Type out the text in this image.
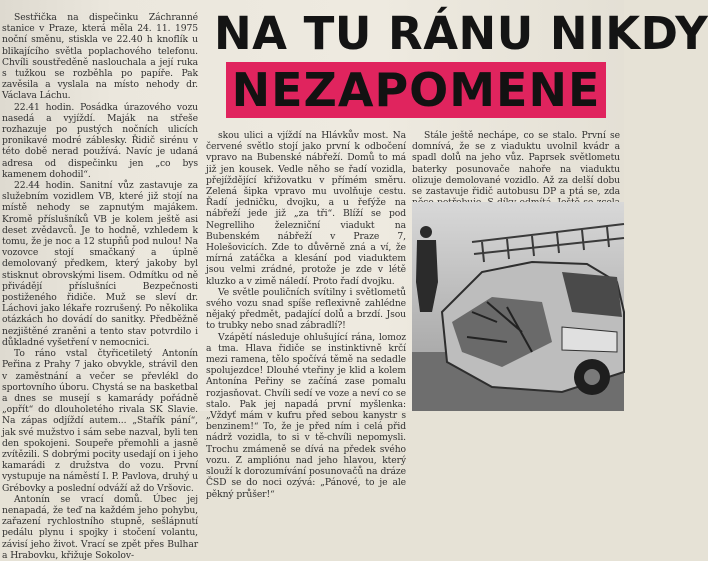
Sestřička na dispečinku Záchranné stanice v Praze, která měla 24. 11. 1975 noční směnu, stiskla ve 22.40 h knoflík u blikajícího světla poplachového telefonu. Chvíli soustředěně naslouchala a její ruka s tužkou se rozběhla po papíře. Pak zavěsila a vyslala na místo nehody dr. Václava Láchu.

22.41 hodin. Posádka úrazového vozu nasedá a vyjíždí. Maják na střeše rozhazuje po pustých nočních ulicích pronikavé modré záblesky. Řidič sirénu v této době nerad používá. Navíc je udaná adresa od dispečinku jen „co bys kamenem dohodil“.

22.44 hodin. Sanitní vůz zastavuje za služebním vozidlem VB, které již stojí na místě nehody se zapnutým majákem. Kromě příslušníků VB je kolem ještě asi deset zvědavců. Je to hodně, vzhledem k tomu, že je noc a 12 stupňů pod nulou! Na vozovce stojí smačkaný a úplně demolovaný předkem, který jakoby byl stisknut obrovskými lisem. Odmítku od ně přivádějí příslušníci Bezpečnosti postiženého řidiče. Muž se sleví dr. Láchovi jako lékaře rozrušený. Po několika otázkách ho dovádí do sanitky. Předběžně nezjištěné zraněni a tento stav potvrdilo i důkladné vyšetření v nemocnici.

To ráno vstal čtyřicetiletý Antonín Peřina z Prahy 7 jako obvykle, strávil den v zaměstnání a večer se převlékl do sportovního úboru. Chystá se na basketbal a dnes se musejí s kamarády pořádně „opřít“ do dlouholetého rivala SK Slavie. Na zápas odjíždí autem... „Stařík pání“, jak své mužstvo i sám sebe nazval, byli ten den spokojeni. Soupeře přemohli a jasně zvítězili. S dobrými pocity usedají on i jeho kamarádi z družstva do vozu. První vystupuje na náměstí I. P. Pavlova, druhý u Grébovky a poslední odváží až do Vršovic.

Antonín se vrací domů. Úbec jej nenapadá, že teď na každém jeho pohybu, zařazení rychlostního stupně, sešlápnutí pedálu plynu i spojky i stočení volantu, závisí jeho život. Vrací se zpět přes Bulhar a Hrabovku, křižuje Sokolov-

NA TU RÁNU NIKDY
NEZAPOMENE

skou ulici a vjíždí na Hlávkův most. Na červené světlo stojí jako první k odbočení vpravo na Bubenské nábřeží. Domů to má již jen kousek. Vedle něho se řadí vozidla, přejíždějící křižovatku v přímém směru. Zelená šipka vpravo mu uvolňuje cestu. Řadí jedničku, dvojku, a u řefýže na nábřeží jede již „za tři“. Blíží se pod Negrelliho železniční viadukt na Bubenském nábřeží v Praze 7, Holešovicích. Zde to důvěrně zná a ví, že mírná zatáčka a klesání pod viaduktem jsou velmi zrádné, protože je zde v létě kluzko a v zimě náledí. Proto řadí dvojku.

Ve světle pouličních svítilny i světlometů svého vozu snad spíše reflexivně zahlédne nějaký předmět, padající dolů a brzdí. Jsou to trubky nebo snad zábradlí?!

Vzápětí následuje ohlušující rána, lomoz a tma. Hlava řidiče se instinktivně krčí mezi ramena, tělo spočívá těmě na sedadle spolujezdce! Dlouhé vteřiny je klid a kolem Antonína Peřiny se začíná zase pomalu rozjasňovat. Chvíli sedí ve voze a neví co se stalo. Pak jej napadá první myšlenka: „Vždyť mám v kufru před sebou kanystr s benzinem!“ To, že je před ním i celá přid nádrž vozidla, to si v tě-chvíli nepomysli. Trochu zmámeně se dívá na předek svého vozu. Z ampliónu nad jeho hlavou, který slouží k dorozumívání posunovačů na dráze ČSD se do noci ozývá: „Pánové, to je ale pěkný průšer!“

Stále ještě nechápe, co se stalo. První se domnívá, že se z viaduktu uvolnil kvádr a spadl dolů na jeho vůz. Paprsek světlometu baterky posunovače nahoře na viaduktu olizuje demolované vozidlo. Až za delší dobu se zastavuje řidič autobusu DP a ptá se, zda
